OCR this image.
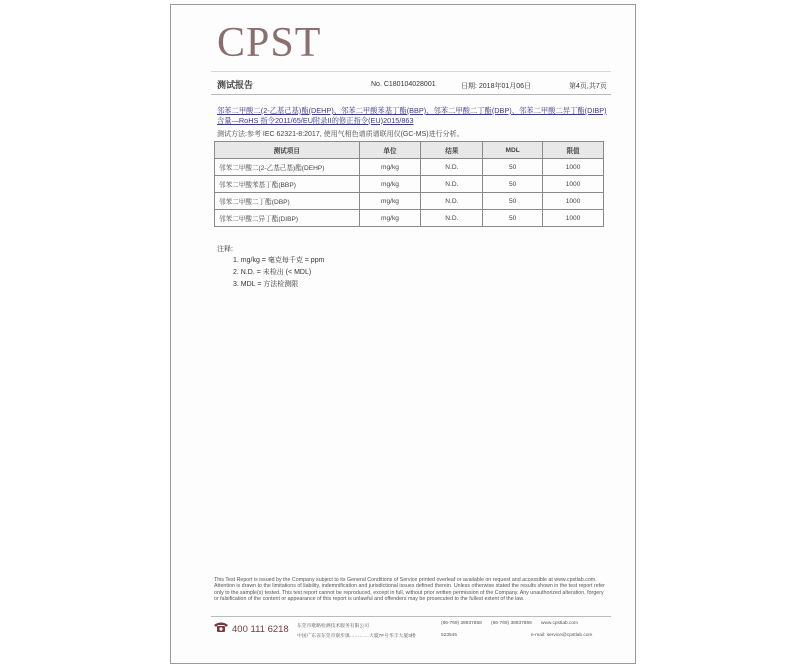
CPST
测试报告	No. C180104028001	日期: 2018年01月06日	第4页,共7页
邻苯二甲酸二(2-乙基己基)酯(DEHP)、邻苯二甲酸苯基丁酯(BBP)、邻苯二甲酸二丁酯(DBP)、邻苯二甲酸二异丁酯(DIBP)含量—RoHS 指令2011/65/EU附录II的修正指令(EU)2015/863
测试方法:参考 IEC 62321-8:2017, 使用气相色谱质谱联用仪(GC-MS)进行分析。
测试项目	单位	结果	MDL	限值
邻苯二甲酸二(2-乙基己基)酯(DEHP)	mg/kg	N.D.	50	1000
邻苯二甲酸苯基丁酯(BBP)	mg/kg	N.D.	50	1000
邻苯二甲酸二丁酯(DBP)	mg/kg	N.D.	50	1000
邻苯二甲酸二异丁酯(DIBP)	mg/kg	N.D.	50	1000
注释:
1. mg/kg = 毫克每千克 = ppm
2. N.D. = 未检出 (< MDL)
3. MDL = 方法检测限
This Test Report is issued by the Company subject to its General Conditions of Service printed overleaf or available on request and accessible at www.cpstlab.com. Attention is drawn to the limitations of liability, indemnification and jurisdictional issues defined therein. Unless otherwise stated the results shown in the test report refer only to the sample(s) tested. This test report cannot be reproduced, except in full, without prior written permission of the Company. Any unauthorized alteration, forgery or falsification of the content or appearance of this report is unlawful and offenders may be prosecuted to the fullest extent of the law.
400 111 6218 东莞市歌略检测技术服务有限公司
中国广东省东莞市寮步镇…………大厦7F号华丰大厦3楼
(86-769) 38937858 (86-769) 38937869
523545
www.cpstlab.com
e-mail: service@cpstlab.com
